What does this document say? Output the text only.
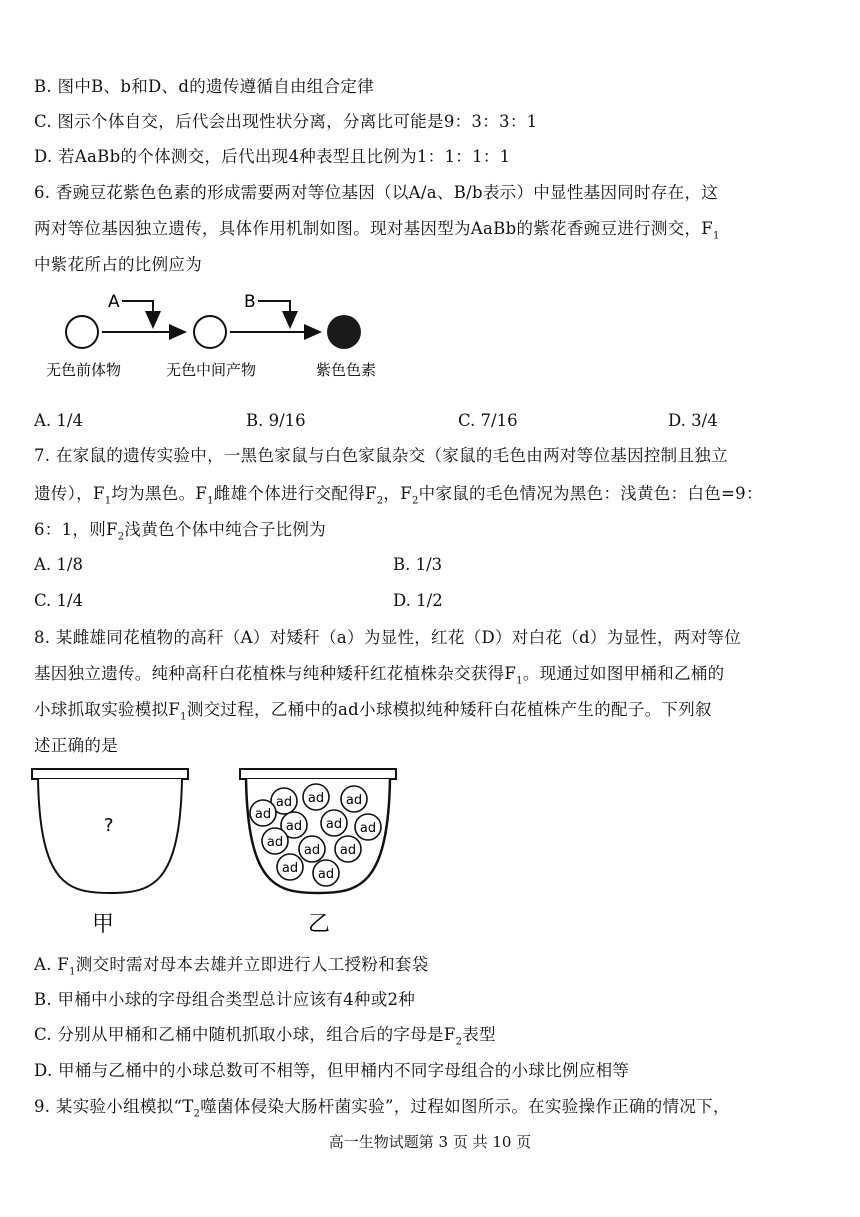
B. 图中B、b和D、d的遗传遵循自由组合定律
C. 图示个体自交，后代会出现性状分离，分离比可能是9：3：3：1
D. 若AaBb的个体测交，后代出现4种表型且比例为1：1：1：1
6. 香豌豆花紫色色素的形成需要两对等位基因（以A/a、B/b表示）中显性基因同时存在，这
两对等位基因独立遗传，具体作用机制如图。现对基因型为AaBb的紫花香豌豆进行测交，$F_1$
中紫花所占的比例应为
A	B
无色前体物	无色中间产物	紫色色素
A. 1/4	B. 9/16	C. 7/16	D. 3/4
7. 在家鼠的遗传实验中，一黑色家鼠与白色家鼠杂交（家鼠的毛色由两对等位基因控制且独立
遗传），$F_1$均为黑色。$F_1$雌雄个体进行交配得$F_2$，$F_2$中家鼠的毛色情况为黑色：浅黄色：白色=9：
6：1，则$F_2$浅黄色个体中纯合子比例为
A. 1/8	B. 1/3
C. 1/4	D. 1/2
8. 某雌雄同花植物的高秆（A）对矮秆（a）为显性，红花（D）对白花（d）为显性，两对等位
基因独立遗传。纯种高秆白花植株与纯种矮秆红花植株杂交获得$F_1$。现通过如图甲桶和乙桶的
小球抓取实验模拟$F_1$测交过程，乙桶中的ad小球模拟纯种矮秆白花植株产生的配子。下列叙
述正确的是
?
甲
ad ad ad
ad
ad ad ad
ad
ad ad
ad ad
乙
A. $F_1$测交时需对母本去雄并立即进行人工授粉和套袋
B. 甲桶中小球的字母组合类型总计应该有4种或2种
C. 分别从甲桶和乙桶中随机抓取小球，组合后的字母是$F_2$表型
D. 甲桶与乙桶中的小球总数可不相等，但甲桶内不同字母组合的小球比例应相等
9. 某实验小组模拟“$T_2$噬菌体侵染大肠杆菌实验”，过程如图所示。在实验操作正确的情况下，
高一生物试题第 3 页 共 10 页
